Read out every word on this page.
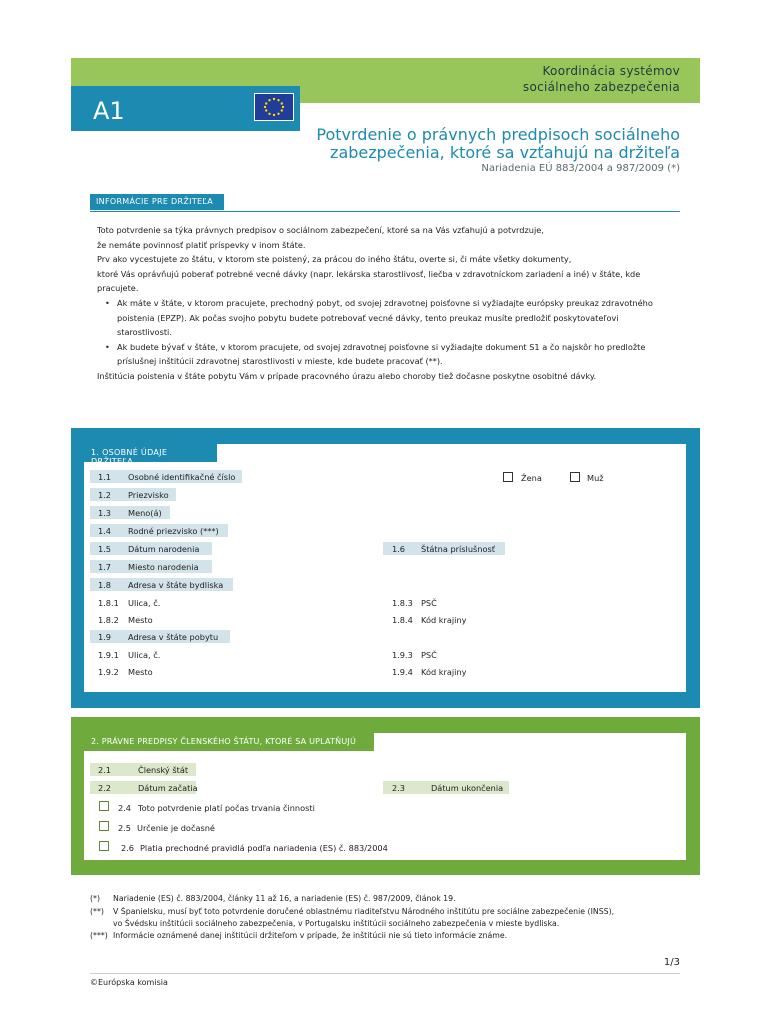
Koordinácia systémov
sociálneho zabezpečenia
A1
Potvrdenie o právnych predpisoch sociálneho
zabezpečenia, ktoré sa vzťahujú na držiteľa
Nariadenia EÚ 883/2004 a 987/2009 (*)
INFORMÁCIE PRE DRŽITEĽA
Toto potvrdenie sa týka právnych predpisov o sociálnom zabezpečení, ktoré sa na Vás vzťahujú a potvrdzuje,
že nemáte povinnosť platiť príspevky v inom štáte.
Prv ako vycestujete zo štátu, v ktorom ste poistený, za prácou do iného štátu, overte si, či máte všetky dokumenty,
ktoré Vás oprávňujú poberať potrebné vecné dávky (napr. lekárska starostlivosť, liečba v zdravotníckom zariadení a iné) v štáte, kde
pracujete.
• Ak máte v štáte, v ktorom pracujete, prechodný pobyt, od svojej zdravotnej poisťovne si vyžiadajte európsky preukaz zdravotného
poistenia (EPZP). Ak počas svojho pobytu budete potrebovať vecné dávky, tento preukaz musíte predložiť poskytovateľovi
starostlivosti.
• Ak budete bývať v štáte, v ktorom pracujete, od svojej zdravotnej poisťovne si vyžiadajte dokument S1 a čo najskôr ho predložte
príslušnej inštitúcii zdravotnej starostlivosti v mieste, kde budete pracovať (**).
Inštitúcia poistenia v štáte pobytu Vám v prípade pracovného úrazu alebo choroby tiež dočasne poskytne osobitné dávky.
1. OSOBNÉ ÚDAJE DRŽITEĽA
1.1 Osobné identifikačné číslo	Žena	Muž
1.2 Priezvisko
1.3 Meno(á)
1.4 Rodné priezvisko (***)
1.5 Dátum narodenia	1.6 Štátna príslušnosť
1.7 Miesto narodenia
1.8 Adresa v štáte bydliska
1.8.1 Ulica, č.	1.8.3 PSČ
1.8.2 Mesto	1.8.4 Kód krajiny
1.9 Adresa v štáte pobytu
1.9.1 Ulica, č.	1.9.3 PSČ
1.9.2 Mesto	1.9.4 Kód krajiny
2. PRÁVNE PREDPISY ČLENSKÉHO ŠTÁTU, KTORÉ SA UPLATŇUJÚ
2.1	Členský štát
2.2	Dátum začatia	2.3	Dátum ukončenia
2.4 Toto potvrdenie platí počas trvania činnosti
2.5 Určenie je dočasné
2.6 Platia prechodné pravidlá podľa nariadenia (ES) č. 883/2004
(*) Nariadenie (ES) č. 883/2004, články 11 až 16, a nariadenie (ES) č. 987/2009, článok 19.
(**) V Španielsku, musí byť toto potvrdenie doručené oblastnému riaditeľstvu Národného inštitútu pre sociálne zabezpečenie (INSS),
vo Švédsku inštitúcii sociálneho zabezpečenia, v Portugalsku inštitúcii sociálneho zabezpečenia v mieste bydliska.
(***) Informácie oznámené danej inštitúcii držiteľom v prípade, že inštitúcii nie sú tieto informácie známe.
1/3
©Európska komisia
